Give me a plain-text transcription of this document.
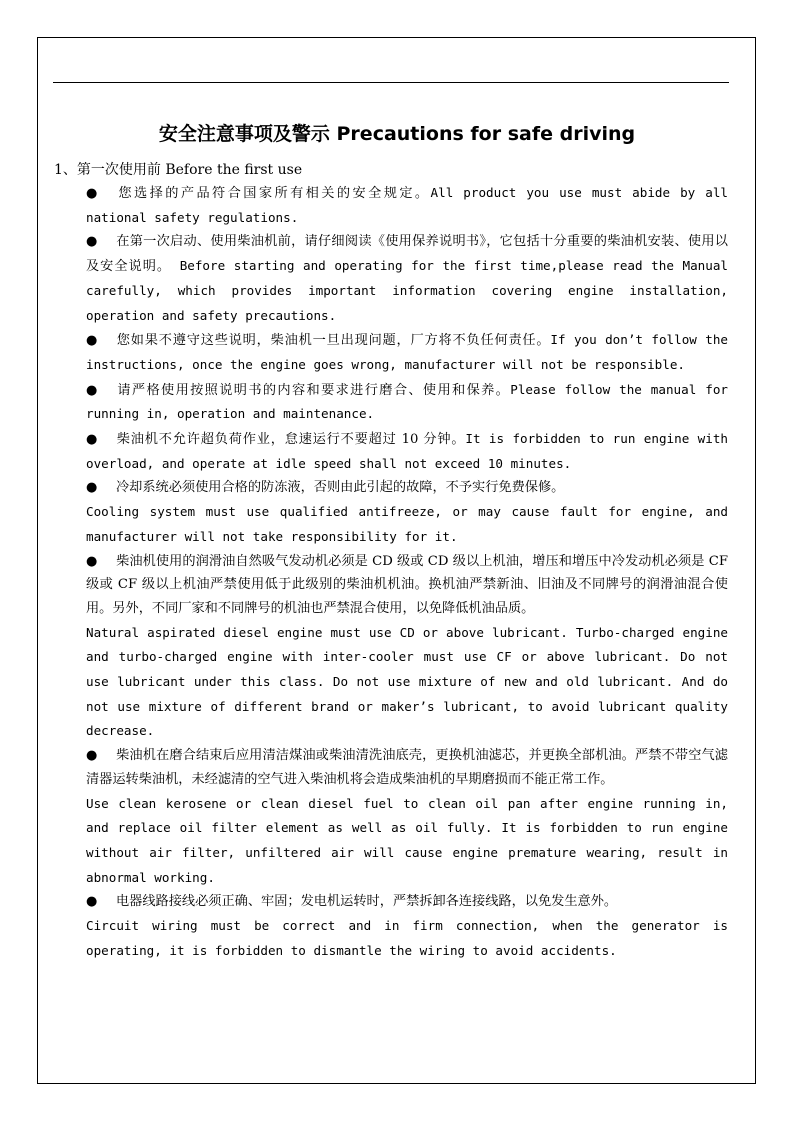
安全注意事项及警示 Precautions for safe driving
1、第一次使用前 Before the first use

● 您选择的产品符合国家所有相关的安全规定。All product you use must abide by all national safety regulations.

● 在第一次启动、使用柴油机前，请仔细阅读《使用保养说明书》，它包括十分重要的柴油机安装、使用以及安全说明。 Before starting and operating for the first time,please read the Manual carefully, which provides important information covering engine installation, operation and safety precautions.

● 您如果不遵守这些说明，柴油机一旦出现问题，厂方将不负任何责任。If you don’t follow the instructions, once the engine goes wrong, manufacturer will not be responsible.

● 请严格使用按照说明书的内容和要求进行磨合、使用和保养。Please follow the manual for running in, operation and maintenance.

● 柴油机不允许超负荷作业，怠速运行不要超过 10 分钟。It is forbidden to run engine with overload, and operate at idle speed shall not exceed 10 minutes.

● 冷却系统必须使用合格的防冻液，否则由此引起的故障，不予实行免费保修。

Cooling system must use qualified antifreeze, or may cause fault for engine, and manufacturer will not take responsibility for it.

● 柴油机使用的润滑油自然吸气发动机必须是 CD 级或 CD 级以上机油，增压和增压中冷发动机必须是 CF 级或 CF 级以上机油严禁使用低于此级别的柴油机机油。换机油严禁新油、旧油及不同牌号的润滑油混合使用。另外，不同厂家和不同牌号的机油也严禁混合使用，以免降低机油品质。

Natural aspirated diesel engine must use CD or above lubricant. Turbo-charged engine and turbo-charged engine with inter-cooler must use CF or above lubricant. Do not use lubricant under this class. Do not use mixture of new and old lubricant. And do not use mixture of different brand or maker’s lubricant, to avoid lubricant quality decrease.

● 柴油机在磨合结束后应用清洁煤油或柴油清洗油底壳，更换机油滤芯，并更换全部机油。严禁不带空气滤清器运转柴油机，未经滤清的空气进入柴油机将会造成柴油机的早期磨损而不能正常工作。

Use clean kerosene or clean diesel fuel to clean oil pan after engine running in, and replace oil filter element as well as oil fully. It is forbidden to run engine without air filter, unfiltered air will cause engine premature wearing, result in abnormal working.

● 电器线路接线必须正确、牢固；发电机运转时，严禁拆卸各连接线路，以免发生意外。

Circuit wiring must be correct and in firm connection, when the generator is operating, it is forbidden to dismantle the wiring to avoid accidents.
